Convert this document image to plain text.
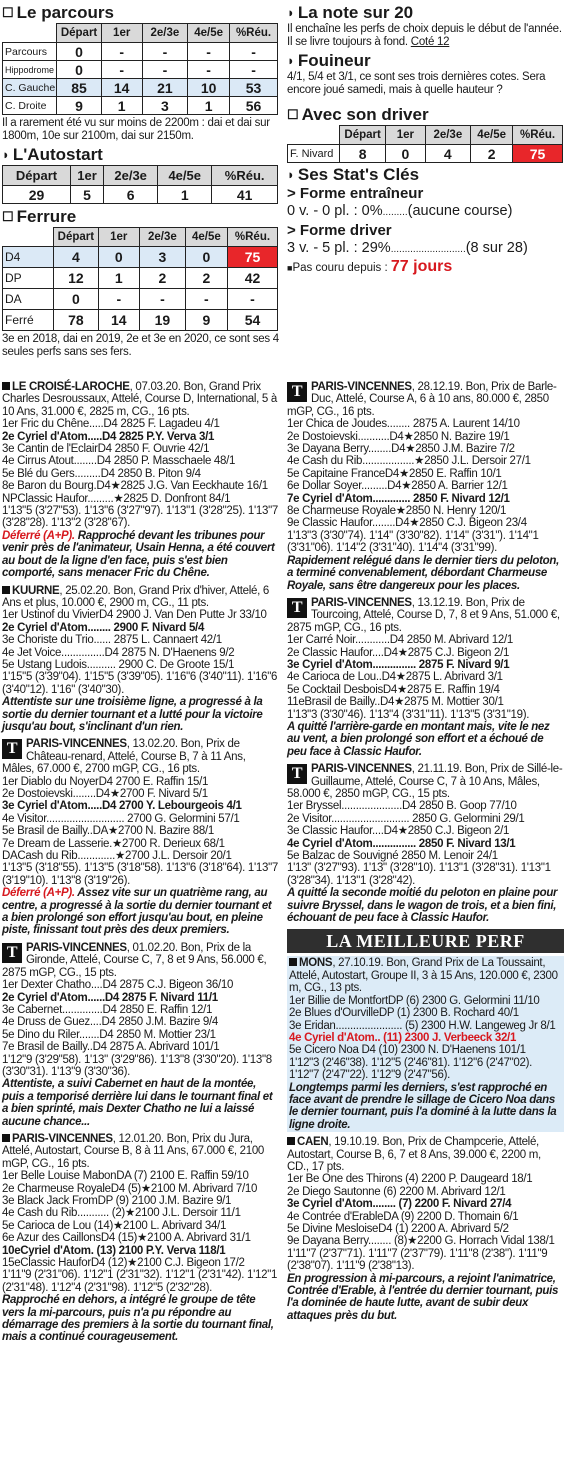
☐ Le parcours
	Départ	1er	2e/3e	4e/5e	%Réu.
Parcours	0	-	-	-	-
Hippodrome	0	-	-	-	-
C. Gauche	85	14	21	10	53
C. Droite	9	1	3	1	56

Il a rarement été vu sur moins de 2200m : dai et dai sur 1800m, 10e sur 2100m, dai sur 2150m.

◗ L'Autostart
Départ	1er	2e/3e	4e/5e	%Réu.
29	5	6	1	41
☐ Ferrure
	Départ	1er	2e/3e	4e/5e	%Réu.
D4	4	0	3	0	75
DP	12	1	2	2	42
DA	0	-	-	-	-
Ferré	78	14	19	9	54

3e en 2018, dai en 2019, 2e et 3e en 2020, ce sont ses 4 seules perfs sans ses fers.

◗ La note sur 20

Il enchaîne les perfs de choix depuis le début de l'année. Il se livre toujours à fond. Coté 12

◗ Fouineur

4/1, 5/4 et 3/1, ce sont ses trois dernières cotes. Sera encore joué samedi, mais à quelle hauteur ?

☐ Avec son driver
	Départ	1er	2e/3e	4e/5e	%Réu.
F. Nivard	8	0	4	2	75
◗ Ses Stat's Clés
> Forme entraîneur
0 v. - 0 pl. : 0%.........(aucune course)
> Forme driver
3 v. - 5 pl. : 29%...........................(8 sur 28)
■Pas couru depuis : 77 jours

LE CROISÉ-LAROCHE, 07.03.20. Bon, Grand Prix Charles Desroussaux, Attelé, Course D, International, 5 à 10 Ans, 31.000 €, 2825 m, CG., 16 pts.

1er Fric du Chêne.....D4 2825 F. Lagadeu 4/1

2e Cyriel d'Atom.....D4 2825 P.Y. Verva 3/1

3e Cantin de l'EclairD4 2850 F. Ouvrie 42/1

4e Cirrus Atout........D4 2850 P. Masschaele 48/1

5e Blé du Gers.........D4 2850 B. Piton 9/4

8e Baron du Bourg.D4★2825 J.G. Van Eeckhaute 16/1

NPClassic Haufor.........★2825 D. Donfront 84/1

1'13"5 (3'27"53). 1'13"6 (3'27"97). 1'13"1 (3'28"25). 1'13"7 (3'28"28). 1'13"2 (3'28"67).

Déferré (A+P). Rapproché devant les tribunes pour venir près de l'animateur, Usain Henna, a été couvert au bout de la ligne d'en face, puis s'est bien comporté, sans menacer Fric du Chêne.

KUURNE, 25.02.20. Bon, Grand Prix d'hiver, Attelé, 6 Ans et plus, 10.000 €, 2900 m, CG., 11 pts.

1er Ustinof du VivierD4 2900 J. Van Den Putte Jr 33/10

2e Cyriel d'Atom........ 2900 F. Nivard 5/4

3e Choriste du Trio...... 2875 L. Cannaert 42/1

4e Jet Voice...............D4 2875 N. D'Haenens 9/2

5e Ustang Ludois.......... 2900 C. De Groote 15/1

1'15"5 (3'39"04). 1'15"5 (3'39"05). 1'16"6 (3'40"11). 1'16"6 (3'40"12). 1'16" (3'40"30).

Attentiste sur une troisième ligne, a progressé à la sortie du dernier tournant et a lutté pour la victoire jusqu'au bout, s'inclinant d'un rien.

T PARIS-VINCENNES, 13.02.20. Bon, Prix de Château-renard, Attelé, Course B, 7 à 11 Ans, Mâles, 67.000 €, 2700 mGP, CG., 16 pts.

1er Diablo du NoyerD4 2700 E. Raffin 15/1

2e Dostoievski........D4★2700 F. Nivard 5/1

3e Cyriel d'Atom.....D4 2700 Y. Lebourgeois 4/1

4e Visitor........................... 2700 G. Gelormini 57/1

5e Brasil de Bailly..DA★2700 N. Bazire 88/1

7e Dream de Lasserie.★2700 R. Derieux 68/1

DACash du Rib.............★2700 J.L. Dersoir 20/1

1'13"5 (3'18"55). 1'13"5 (3'18"58). 1'13"6 (3'18"64). 1'13"7 (3'19"10). 1'13"8 (3'19"26).

Déferré (A+P). Assez vite sur un quatrième rang, au centre, a progressé à la sortie du dernier tournant et a bien prolongé son effort jusqu'au bout, en pleine piste, finissant tout près des deux premiers.

T PARIS-VINCENNES, 01.02.20. Bon, Prix de la Gironde, Attelé, Course C, 7, 8 et 9 Ans, 56.000 €, 2875 mGP, CG., 15 pts.

1er Dexter Chatho....D4 2875 C.J. Bigeon 36/10

2e Cyriel d'Atom......D4 2875 F. Nivard 11/1

3e Cabernet..............D4 2850 E. Raffin 12/1

4e Druss de Guez....D4 2850 J.M. Bazire 9/4

5e Dino du Riler.......D4 2850 M. Mottier 23/1

7e Brasil de Bailly..D4 2875 A. Abrivard 101/1

1'12"9 (3'29"58). 1'13" (3'29"86). 1'13"8 (3'30"20). 1'13"8 (3'30"31). 1'13"9 (3'30"36).

Attentiste, a suivi Cabernet en haut de la montée, puis a temporisé derrière lui dans le tournant final et a bien sprinté, mais Dexter Chatho ne lui a laissé aucune chance...

PARIS-VINCENNES, 12.01.20. Bon, Prix du Jura, Attelé, Autostart, Course B, 8 à 11 Ans, 67.000 €, 2100 mGP, CG., 16 pts.

1er Belle Louise MabonDA (7) 2100 E. Raffin 59/10

2e Charmeuse RoyaleD4 (5)★2100 M. Abrivard 7/10

3e Black Jack FromDP (9) 2100 J.M. Bazire 9/1

4e Cash du Rib........... (2)★2100 J.L. Dersoir 11/1

5e Carioca de Lou (14)★2100 L. Abrivard 34/1

6e Azur des CaillonsD4 (15)★2100 A. Abrivard 31/1

10eCyriel d'Atom. (13) 2100 P.Y. Verva 118/1

15eClassic HauforD4 (12)★2100 C.J. Bigeon 17/2

1'11"9 (2'31"06). 1'12"1 (2'31"32). 1'12"1 (2'31"42). 1'12"1 (2'31"48). 1'12"4 (2'31"98). 1'12"5 (2'32"28).

Rapproché en dehors, a intégré le groupe de tête vers la mi-parcours, puis n'a pu répondre au démarrage des premiers à la sortie du tournant final, mais a continué courageusement.

T PARIS-VINCENNES, 28.12.19. Bon, Prix de Barle-Duc, Attelé, Course A, 6 à 10 ans, 80.000 €, 2850 mGP, CG., 16 pts.

1er Chica de Joudes........ 2875 A. Laurent 14/10

2e Dostoievski...........D4★2850 N. Bazire 19/1

3e Dayana Berry........D4★2850 J.M. Bazire 7/2

4e Cash du Rib..................★2850 J.L. Dersoir 27/1

5e Capitaine FranceD4★2850 E. Raffin 10/1

6e Dollar Soyer.........D4★2850 A. Barrier 12/1

7e Cyriel d'Atom............. 2850 F. Nivard 12/1

8e Charmeuse Royale★2850 N. Henry 120/1

9e Classic Haufor........D4★2850 C.J. Bigeon 23/4

1'13"3 (3'30"74). 1'14" (3'30"82). 1'14" (3'31"). 1'14"1 (3'31"06). 1'14"2 (3'31"40). 1'14"4 (3'31"99).

Rapidement relégué dans le dernier tiers du peloton, a terminé convenablement, débordant Charmeuse Royale, sans être dangereux pour les places.

T PARIS-VINCENNES, 13.12.19. Bon, Prix de Tourcoing, Attelé, Course D, 7, 8 et 9 Ans, 51.000 €, 2875 mGP, CG., 16 pts.

1er Carré Noir............D4 2850 M. Abrivard 12/1

2e Classic Haufor....D4★2875 C.J. Bigeon 2/1

3e Cyriel d'Atom............... 2875 F. Nivard 9/1

4e Carioca de Lou..D4★2875 L. Abrivard 3/1

5e Cocktail DesboisD4★2875 E. Raffin 19/4

11eBrasil de Bailly..D4★2875 M. Mottier 30/1

1'13"3 (3'30"46). 1'13"4 (3'31"11). 1'13"5 (3'31"19).

A quitté l'arrière-garde en montant mais, vite le nez au vent, a bien prolongé son effort et a échoué de peu face à Classic Haufor.

T PARIS-VINCENNES, 21.11.19. Bon, Prix de Sillé-le-Guillaume, Attelé, Course C, 7 à 10 Ans, Mâles, 58.000 €, 2850 mGP, CG., 15 pts.

1er Bryssel.....................D4 2850 B. Goop 77/10

2e Visitor........................... 2850 G. Gelormini 29/1

3e Classic Haufor....D4★2850 C.J. Bigeon 2/1

4e Cyriel d'Atom............... 2850 F. Nivard 13/1

5e Balzac de Souvigné 2850 M. Lenoir 24/1

1'13" (3'27"93). 1'13" (3'28"10). 1'13"1 (3'28"31). 1'13"1 (3'28"34). 1'13"1 (3'28"42).

A quitté la seconde moitié du peloton en plaine pour suivre Bryssel, dans le wagon de trois, et a bien fini, échouant de peu face à Classic Haufor.

LA MEILLEURE PERF

MONS, 27.10.19. Bon, Grand Prix de La Toussaint, Attelé, Autostart, Groupe II, 3 à 15 Ans, 120.000 €, 2300 m, CG., 13 pts.

1er Billie de MontfortDP (6) 2300 G. Gelormini 11/10

2e Blues d'OurvilleDP (1) 2300 B. Rochard 40/1

3e Eridan....................... (5) 2300 H.W. Langeweg Jr 8/1

4e Cyriel d'Atom.. (11) 2300 J. Verbeeck 32/1

5e Cicero Noa D4 (10) 2300 N. D'Haenens 101/1

1'12"3 (2'46"38). 1'12"5 (2'46"81). 1'12"6 (2'47"02). 1'12"7 (2'47"22). 1'12"9 (2'47"56).

Longtemps parmi les derniers, s'est rapproché en face avant de prendre le sillage de Cicero Noa dans le dernier tournant, puis l'a dominé à la lutte dans la ligne droite.

CAEN, 19.10.19. Bon, Prix de Champcerie, Attelé, Autostart, Course B, 6, 7 et 8 Ans, 39.000 €, 2200 m, CD., 17 pts.

1er Be One des Thirons (4) 2200 P. Daugeard 18/1

2e Diego Sautonne (6) 2200 M. Abrivard 12/1

3e Cyriel d'Atom........ (7) 2200 F. Nivard 27/4

4e Contrée d'ErableDA (9) 2200 D. Thomain 6/1

5e Divine MesloiseD4 (1) 2200 A. Abrivard 5/2

9e Dayana Berry........ (8)★2200 G. Horrach Vidal 138/1

1'11"7 (2'37"71). 1'11"7 (2'37"79). 1'11"8 (2'38"). 1'11"9 (2'38"07). 1'11"9 (2'38"13).

En progression à mi-parcours, a rejoint l'animatrice, Contrée d'Erable, à l'entrée du dernier tournant, puis l'a dominée de haute lutte, avant de subir deux attaques près du but.
